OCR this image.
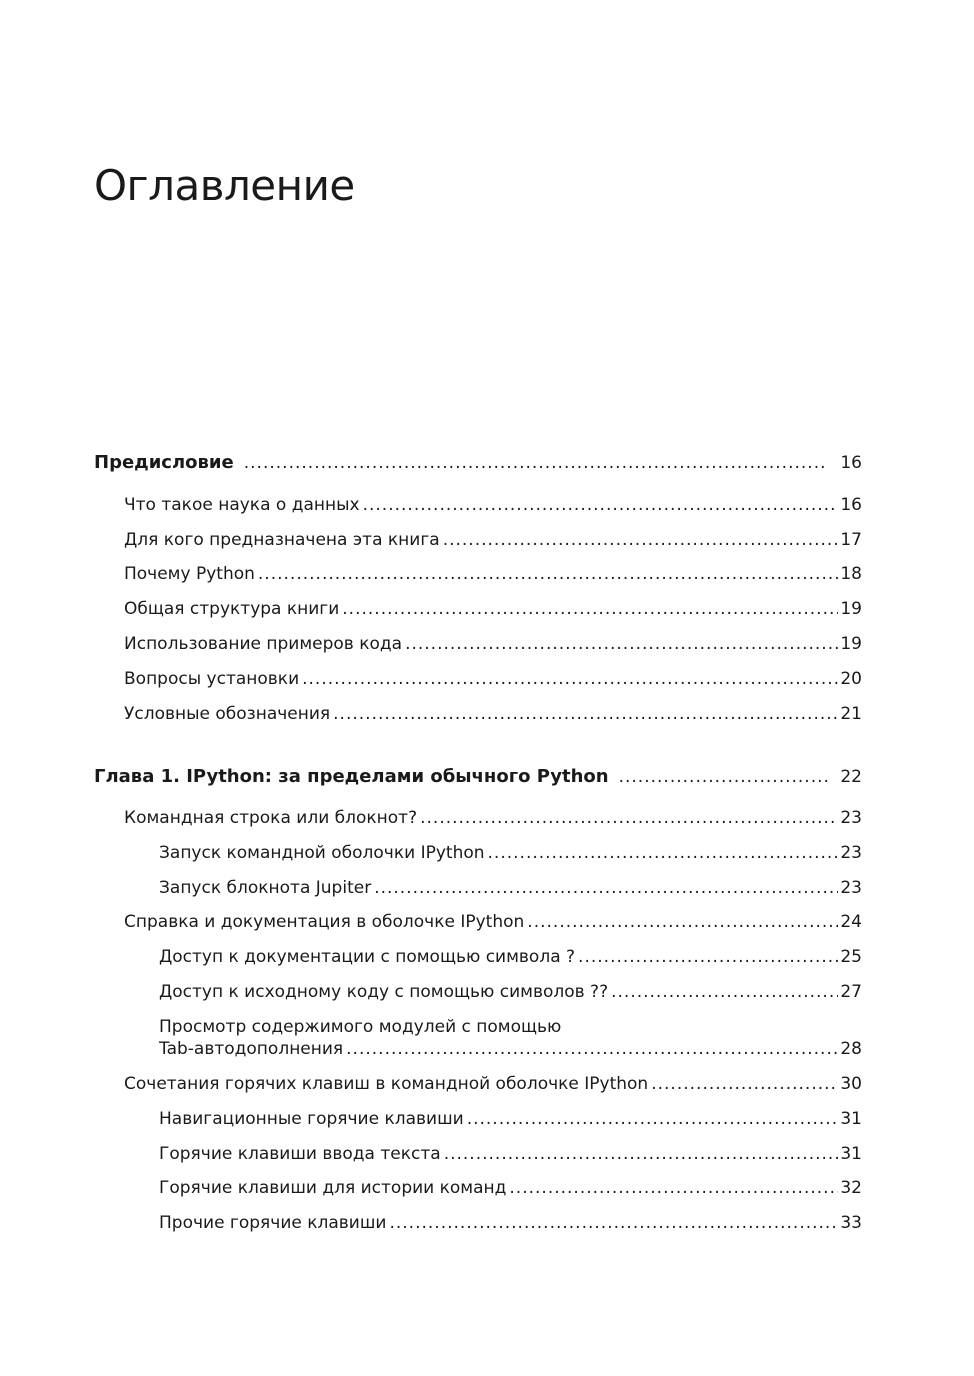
Оглавление
Предисловие .....	16
Что такое наука о данных .....	16
Для кого предназначена эта книга .....	17
Почему Python .....	18
Общая структура книги .....	19
Использование примеров кода .....	19
Вопросы установки .....	20
Условные обозначения .....	21
Глава 1. IPython: за пределами обычного Python .....	22
Командная строка или блокнот? .....	23
Запуск командной оболочки IPython .....	23
Запуск блокнота Jupiter .....	23
Справка и документация в оболочке IPython .....	24
Доступ к документации с помощью символа ? .....	25
Доступ к исходному коду с помощью символов ?? .....	27
Просмотр содержимого модулей с помощью
Tab-автодополнения .....	28
Сочетания горячих клавиш в командной оболочке IPython .....	30
Навигационные горячие клавиши .....	31
Горячие клавиши ввода текста .....	31
Горячие клавиши для истории команд .....	32
Прочие горячие клавиши .....	33
